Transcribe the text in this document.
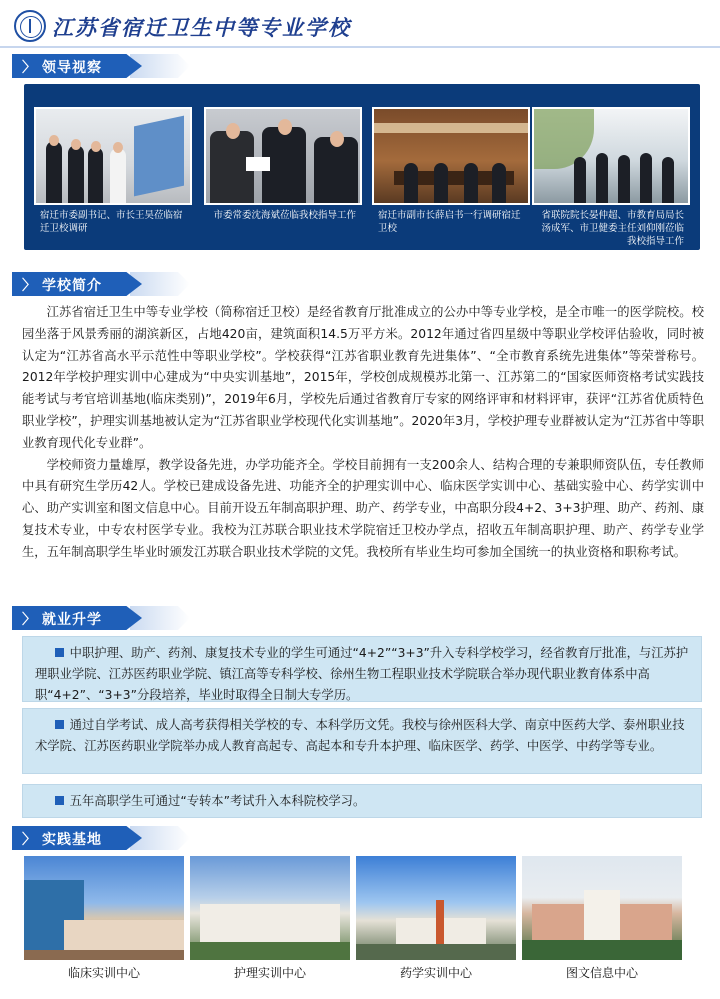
江苏省宿迁卫生中等专业学校
〉 领导视察
宿迁市委副书记、市长王昊莅临宿迁卫校调研
市委常委沈海斌莅临我校指导工作	宿迁市副市长薛启书一行调研宿迁卫校
省联院院长晏仲超、市教育局局长汤成军、市卫健委主任刘仰刚莅临我校指导工作
〉 学校简介

江苏省宿迁卫生中等专业学校（简称宿迁卫校）是经省教育厅批准成立的公办中等专业学校，是全市唯一的医学院校。校园坐落于风景秀丽的湖滨新区，占地420亩，建筑面积14.5万平方米。2012年通过省四星级中等职业学校评估验收，同时被认定为“江苏省高水平示范性中等职业学校”。学校获得“江苏省职业教育先进集体”、“全市教育系统先进集体”等荣誉称号。2012年学校护理实训中心建成为“中央实训基地”，2015年，学校创成规模苏北第一、江苏第二的“国家医师资格考试实践技能考试与考官培训基地(临床类别)”，2019年6月，学校先后通过省教育厅专家的网络评审和材料评审，获评“江苏省优质特色职业学校”，护理实训基地被认定为“江苏省职业学校现代化实训基地”。2020年3月，学校护理专业群被认定为“江苏省中等职业教育现代化专业群”。

学校师资力量雄厚，教学设备先进，办学功能齐全。学校目前拥有一支200余人、结构合理的专兼职师资队伍，专任教师中具有研究生学历42人。学校已建成设备先进、功能齐全的护理实训中心、临床医学实训中心、基础实验中心、药学实训中心、助产实训室和图文信息中心。目前开设五年制高职护理、助产、药学专业，中高职分段4+2、3+3护理、助产、药剂、康复技术专业，中专农村医学专业。我校为江苏联合职业技术学院宿迁卫校办学点，招收五年制高职护理、助产、药学专业学生，五年制高职学生毕业时颁发江苏联合职业技术学院的文凭。我校所有毕业生均可参加全国统一的执业资格和职称考试。

〉 就业升学

中职护理、助产、药剂、康复技术专业的学生可通过“4+2”“3+3”升入专科学校学习，经省教育厅批准，与江苏护理职业学院、江苏医药职业学院、镇江高等专科学校、徐州生物工程职业技术学院联合举办现代职业教育体系中高职“4+2”、“3+3”分段培养，毕业时取得全日制大专学历。

通过自学考试、成人高考获得相关学校的专、本科学历文凭。我校与徐州医科大学、南京中医药大学、泰州职业技术学院、江苏医药职业学院举办成人教育高起专、高起本和专升本护理、临床医学、药学、中医学、中药学等专业。

五年高职学生可通过“专转本”考试升入本科院校学习。

〉 实践基地
临床实训中心	护理实训中心	药学实训中心	图文信息中心
